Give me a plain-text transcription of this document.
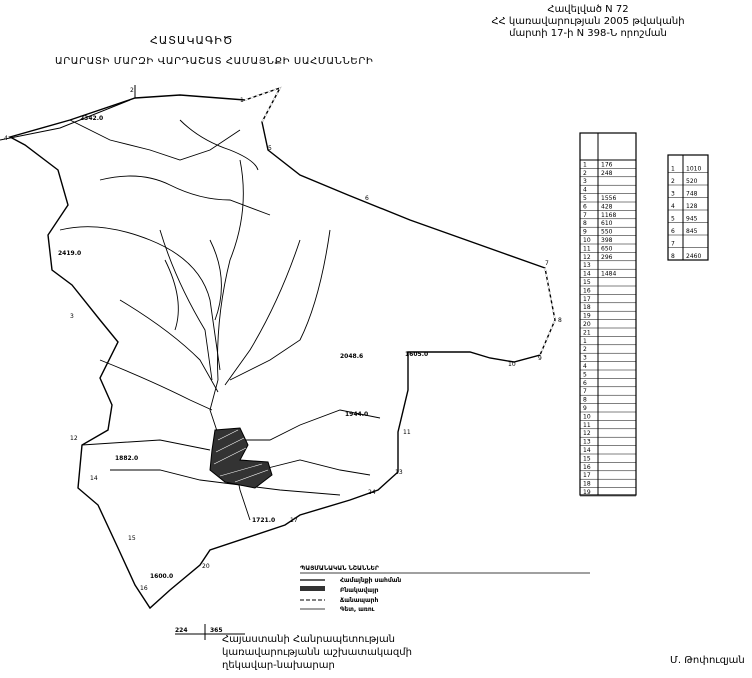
Հավելված N 72
ՀՀ կառավարության 2005 թվականի
մարտի 17-ի N 398-Ն որոշման
ՀԱՏԱԿԱԳԻԾ
ԱՐԱՐԱՏԻ ՄԱՐԶԻ ՎԱՐԴԱՇԱՏ ՀԱՄԱՅՆՔԻ ՍԱՀՄԱՆՆԵՐԻ
4
2
1
5
6
7
8
9
10
11
13
24
17
20
3
12
14
15
16
2419.0
2342.0
2048.6
1882.0
1944.0
1721.0
1605.0
1600.0
ՊԱՅՄԱՆԱԿԱՆ ՆՇԱՆՆԵՐ
Համայնքի սահման
Բնակավայր
Ճանապարհ
Գետ, առու
224	365
1 176
2 248
3
4
5 1556
6 428
7 1168
8 610
9 550
10 398
11 650
12 296
13
14 1484
15
16
17
18
19
20
21
1
2
3
4
5
6
7
8
9
10
11
12
13
14
15
16
17
18
19
1 1010
2 520
3 748
4 128
5 945
6 845
7
8 2460
Հայաստանի Հանրապետության
կառավարությանն աշխատակազմի
ղեկավար-նախարար	Մ. Թոփուզյան
